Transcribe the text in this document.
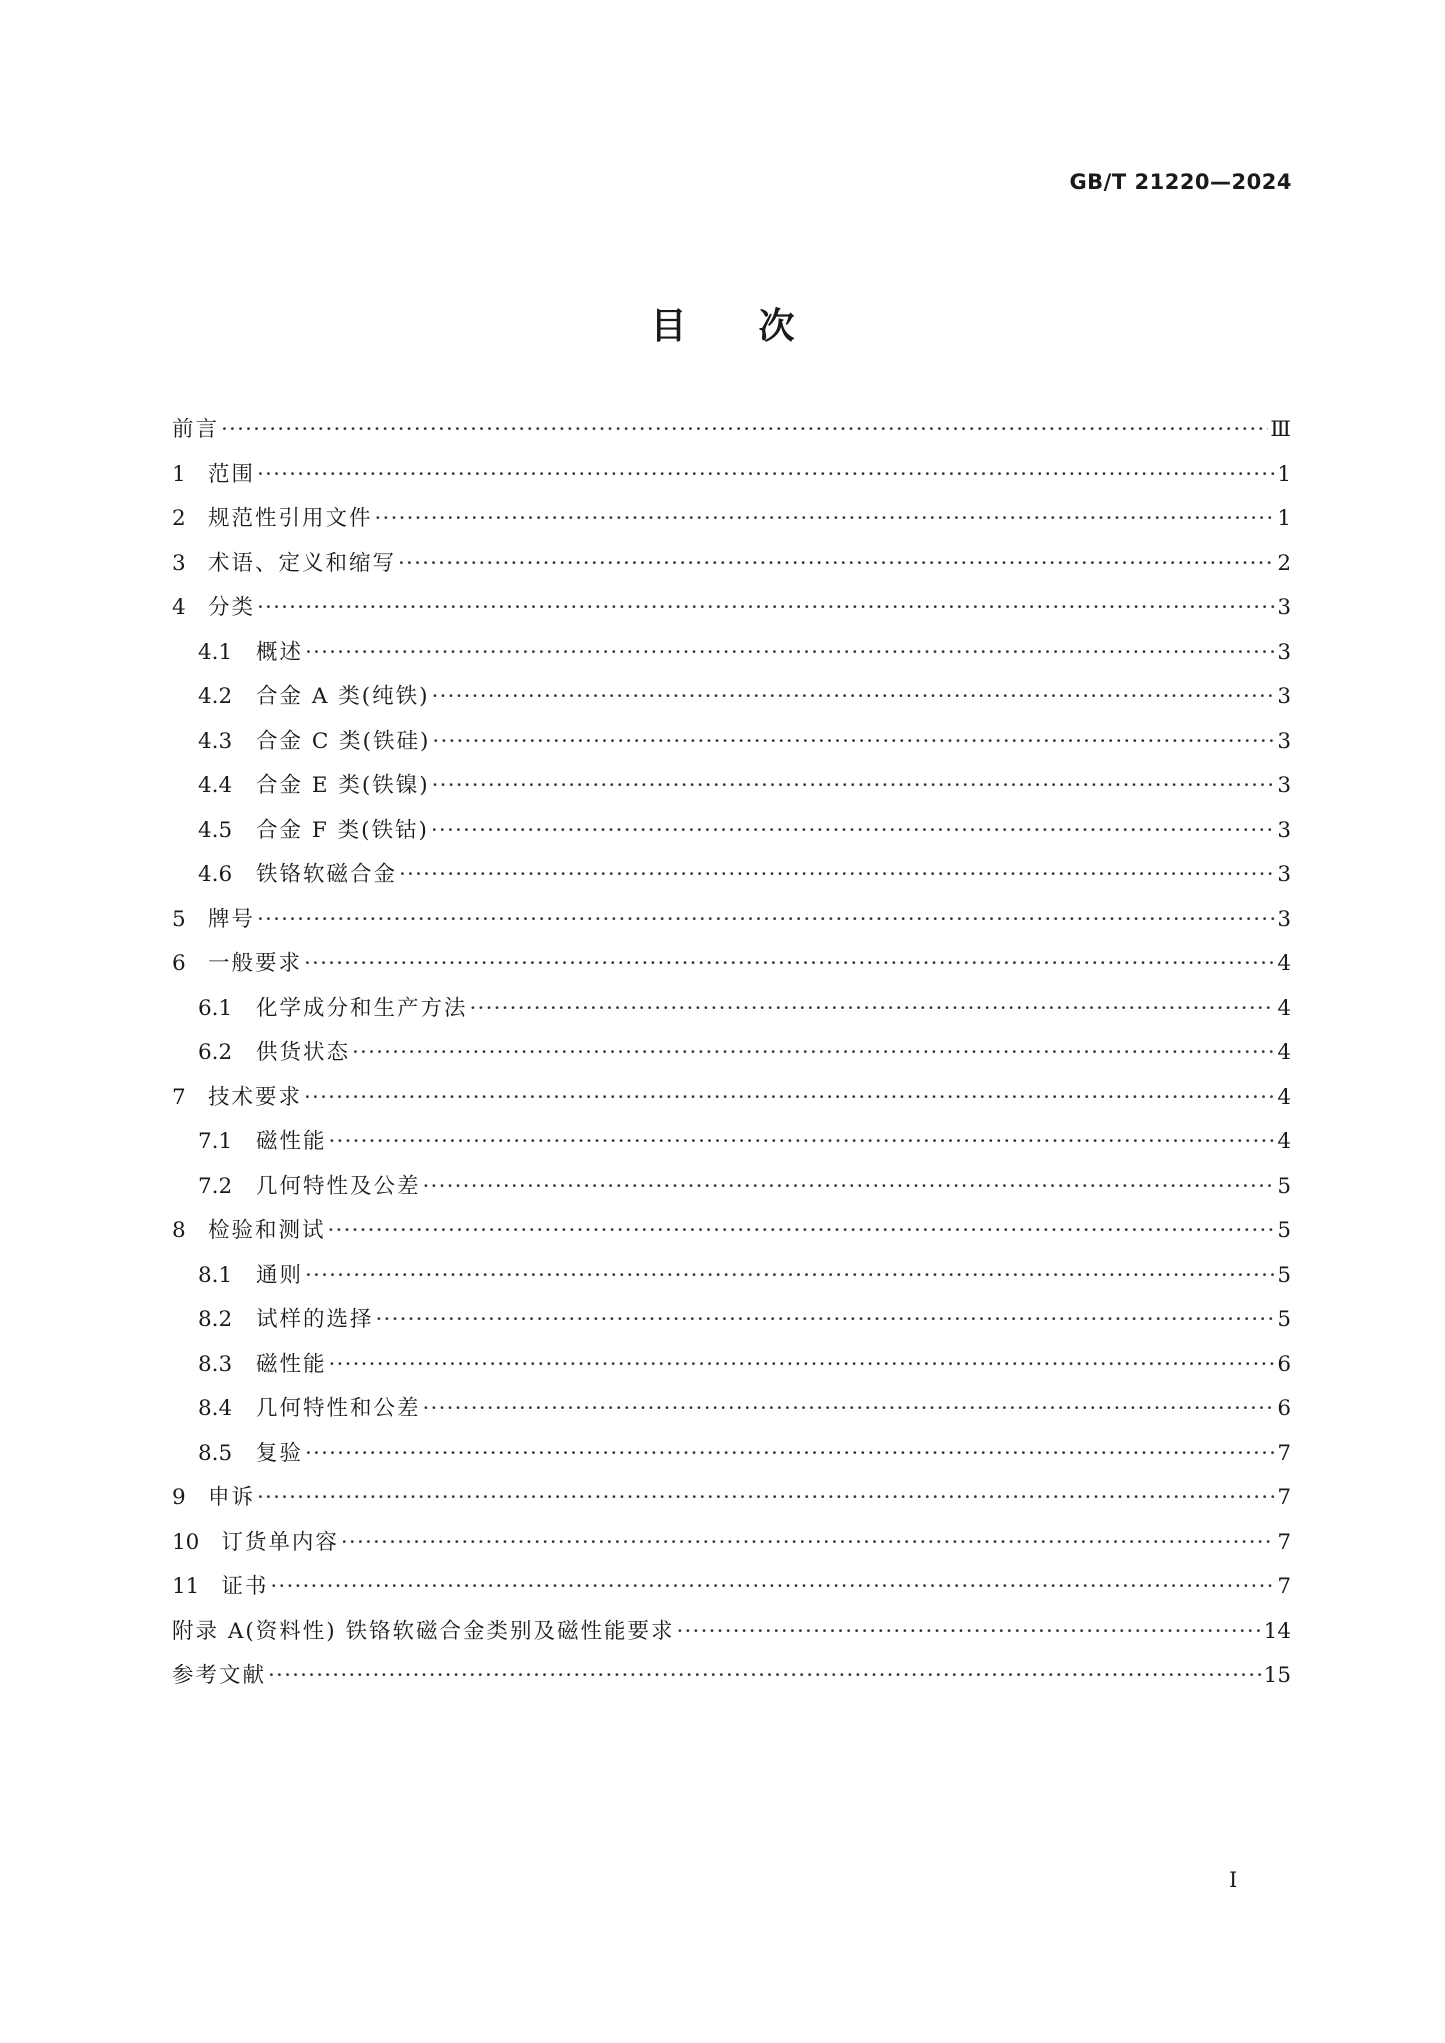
GB/T 21220—2024
目次
前言 ·····	Ⅲ
1 范围 ·····	1
2 规范性引用文件 ·····	1
3 术语、定义和缩写 ·····	2
4 分类 ·····	3
4.1 概述 ·····	3
4.2 合金 A 类(纯铁) ·····	3
4.3 合金 C 类(铁硅) ·····	3
4.4 合金 E 类(铁镍) ·····	3
4.5 合金 F 类(铁钴) ·····	3
4.6 铁铬软磁合金 ·····	3
5 牌号 ·····	3
6 一般要求 ·····	4
6.1 化学成分和生产方法 ·····	4
6.2 供货状态 ·····	4
7 技术要求 ·····	4
7.1 磁性能 ·····	4
7.2 几何特性及公差 ·····	5
8 检验和测试 ·····	5
8.1 通则 ·····	5
8.2 试样的选择 ·····	5
8.3 磁性能 ·····	6
8.4 几何特性和公差 ·····	6
8.5 复验 ·····	7
9 申诉 ·····	7
10 订货单内容 ·····	7
11 证书 ·····	7
附录 A(资料性) 铁铬软磁合金类别及磁性能要求 ·····	14
参考文献 ·····	15
I
